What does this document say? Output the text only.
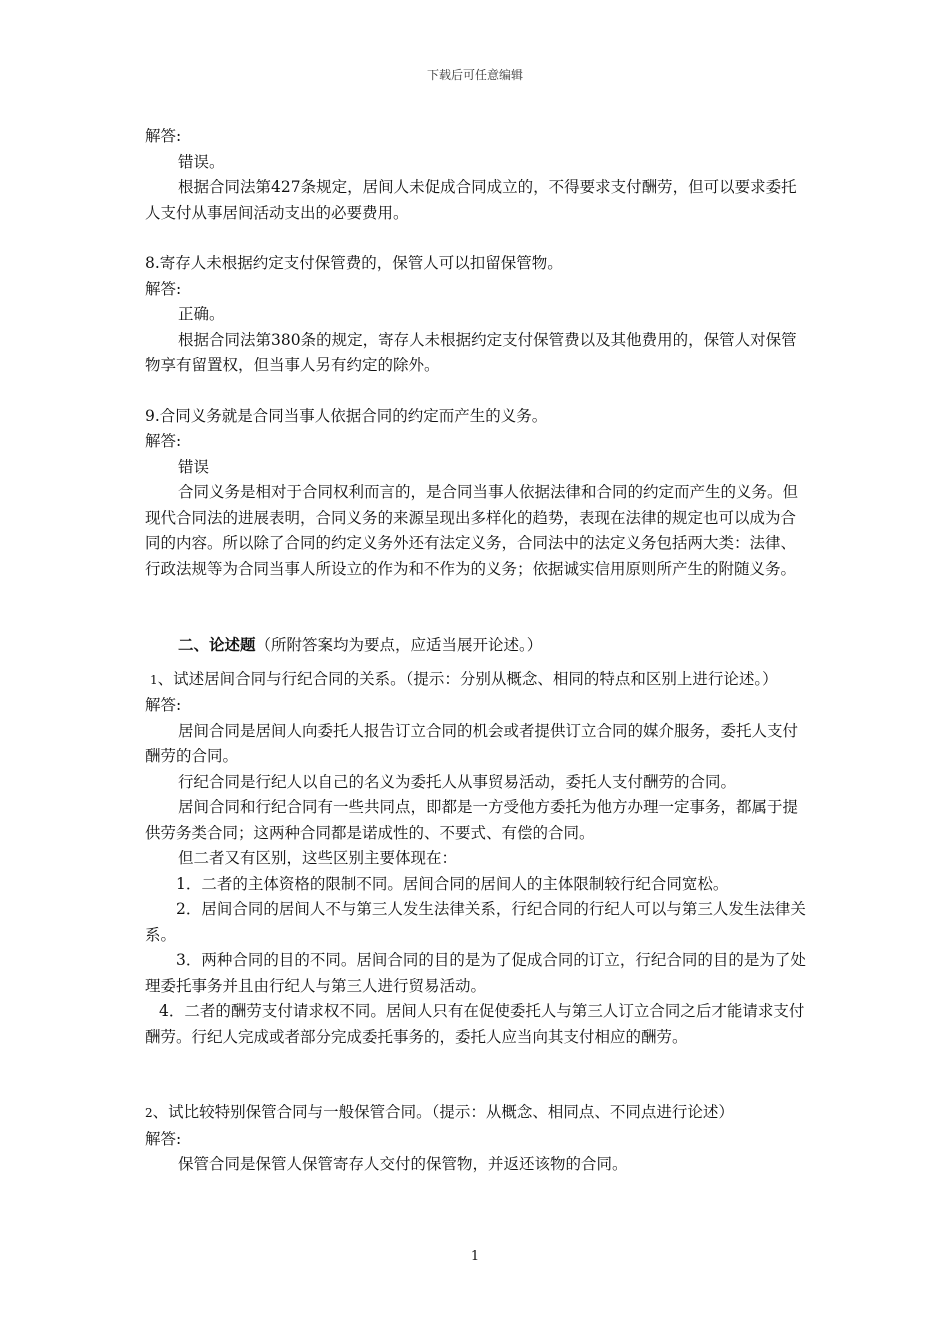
下载后可任意编辑

解答:

错误。

根据合同法第427条规定，居间人未促成合同成立的，不得要求支付酬劳，但可以要求委托人支付从事居间活动支出的必要费用。

8.寄存人未根据约定支付保管费的，保管人可以扣留保管物。

解答:

正确。

根据合同法第380条的规定，寄存人未根据约定支付保管费以及其他费用的，保管人对保管物享有留置权，但当事人另有约定的除外。

9.合同义务就是合同当事人依据合同的约定而产生的义务。

解答:

错误

合同义务是相对于合同权利而言的，是合同当事人依据法律和合同的约定而产生的义务。但现代合同法的进展表明，合同义务的来源呈现出多样化的趋势，表现在法律的规定也可以成为合同的内容。所以除了合同的约定义务外还有法定义务，合同法中的法定义务包括两大类：法律、行政法规等为合同当事人所设立的作为和不作为的义务；依据诚实信用原则所产生的附随义务。

二、论述题（所附答案均为要点，应适当展开论述。）

1、试述居间合同与行纪合同的关系。（提示：分别从概念、相同的特点和区别上进行论述。）

解答:

居间合同是居间人向委托人报告订立合同的机会或者提供订立合同的媒介服务，委托人支付酬劳的合同。

行纪合同是行纪人以自己的名义为委托人从事贸易活动，委托人支付酬劳的合同。

居间合同和行纪合同有一些共同点，即都是一方受他方委托为他方办理一定事务，都属于提供劳务类合同；这两种合同都是诺成性的、不要式、有偿的合同。

但二者又有区别，这些区别主要体现在：

1．二者的主体资格的限制不同。居间合同的居间人的主体限制较行纪合同宽松。

2．居间合同的居间人不与第三人发生法律关系，行纪合同的行纪人可以与第三人发生法律关系。

3．两种合同的目的不同。居间合同的目的是为了促成合同的订立，行纪合同的目的是为了处理委托事务并且由行纪人与第三人进行贸易活动。

4．二者的酬劳支付请求权不同。居间人只有在促使委托人与第三人订立合同之后才能请求支付酬劳。行纪人完成或者部分完成委托事务的，委托人应当向其支付相应的酬劳。

2、试比较特别保管合同与一般保管合同。（提示：从概念、相同点、不同点进行论述）

解答:

保管合同是保管人保管寄存人交付的保管物，并返还该物的合同。

1
